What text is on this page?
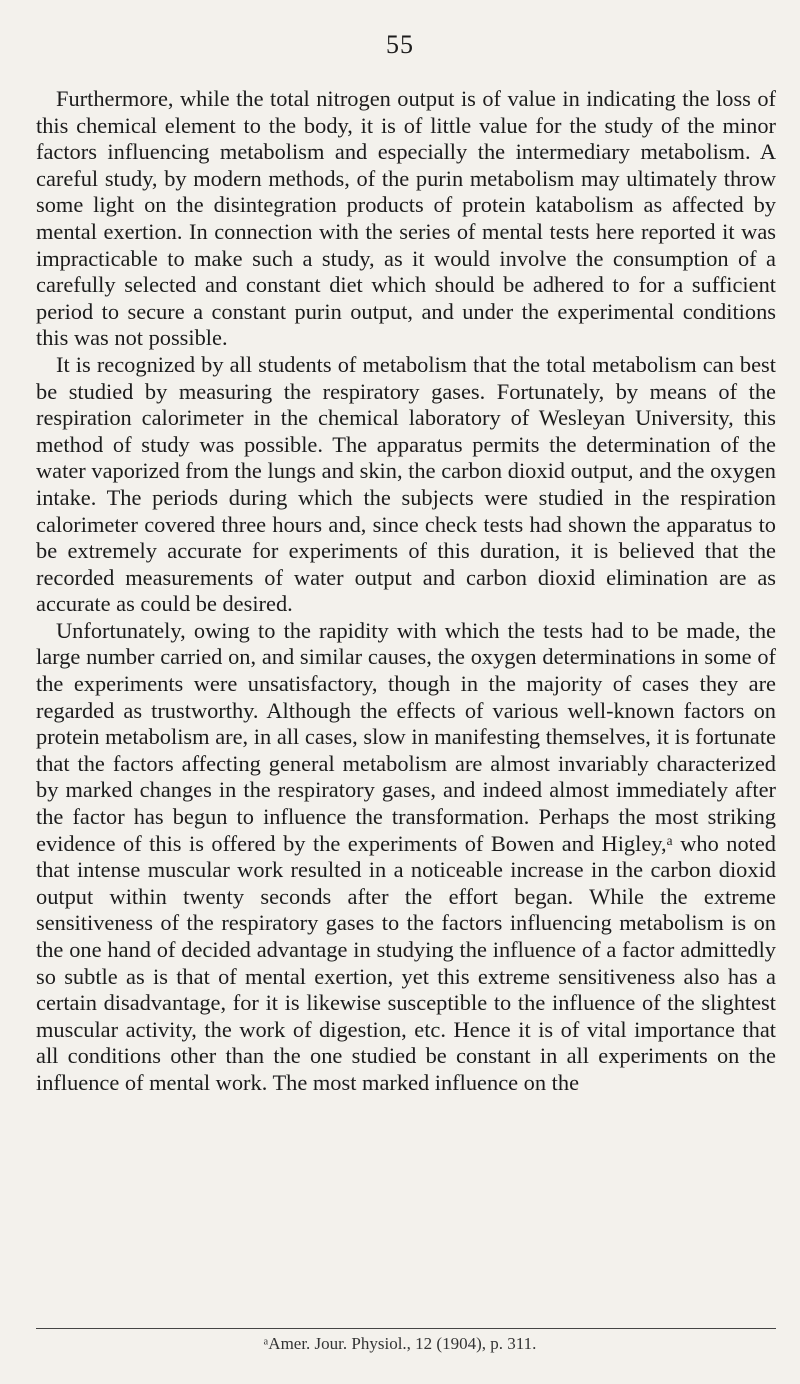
55

Furthermore, while the total nitrogen output is of value in indicating the loss of this chemical element to the body, it is of little value for the study of the minor factors influencing metabolism and especially the intermediary metabolism. A careful study, by modern methods, of the purin metabolism may ultimately throw some light on the disintegration products of protein katabolism as affected by mental exertion. In connection with the series of mental tests here reported it was impracticable to make such a study, as it would involve the consumption of a carefully selected and constant diet which should be adhered to for a sufficient period to secure a constant purin output, and under the experimental conditions this was not possible.

It is recognized by all students of metabolism that the total metabolism can best be studied by measuring the respiratory gases. Fortunately, by means of the respiration calorimeter in the chemical laboratory of Wesleyan University, this method of study was possible. The apparatus permits the determination of the water vaporized from the lungs and skin, the carbon dioxid output, and the oxygen intake. The periods during which the subjects were studied in the respiration calorimeter covered three hours and, since check tests had shown the apparatus to be extremely accurate for experiments of this duration, it is believed that the recorded measurements of water output and carbon dioxid elimination are as accurate as could be desired.

Unfortunately, owing to the rapidity with which the tests had to be made, the large number carried on, and similar causes, the oxygen determinations in some of the experiments were unsatisfactory, though in the majority of cases they are regarded as trustworthy. Although the effects of various well-known factors on protein metabolism are, in all cases, slow in manifesting themselves, it is fortunate that the factors affecting general metabolism are almost invariably characterized by marked changes in the respiratory gases, and indeed almost immediately after the factor has begun to influence the transformation. Perhaps the most striking evidence of this is offered by the experiments of Bowen and Higley,ᵃ who noted that intense muscular work resulted in a noticeable increase in the carbon dioxid output within twenty seconds after the effort began. While the extreme sensitiveness of the respiratory gases to the factors influencing metabolism is on the one hand of decided advantage in studying the influence of a factor admittedly so subtle as is that of mental exertion, yet this extreme sensitiveness also has a certain disadvantage, for it is likewise susceptible to the influence of the slightest muscular activity, the work of digestion, etc. Hence it is of vital importance that all conditions other than the one studied be constant in all experiments on the influence of mental work. The most marked influence on the

ᵃAmer. Jour. Physiol., 12 (1904), p. 311.
